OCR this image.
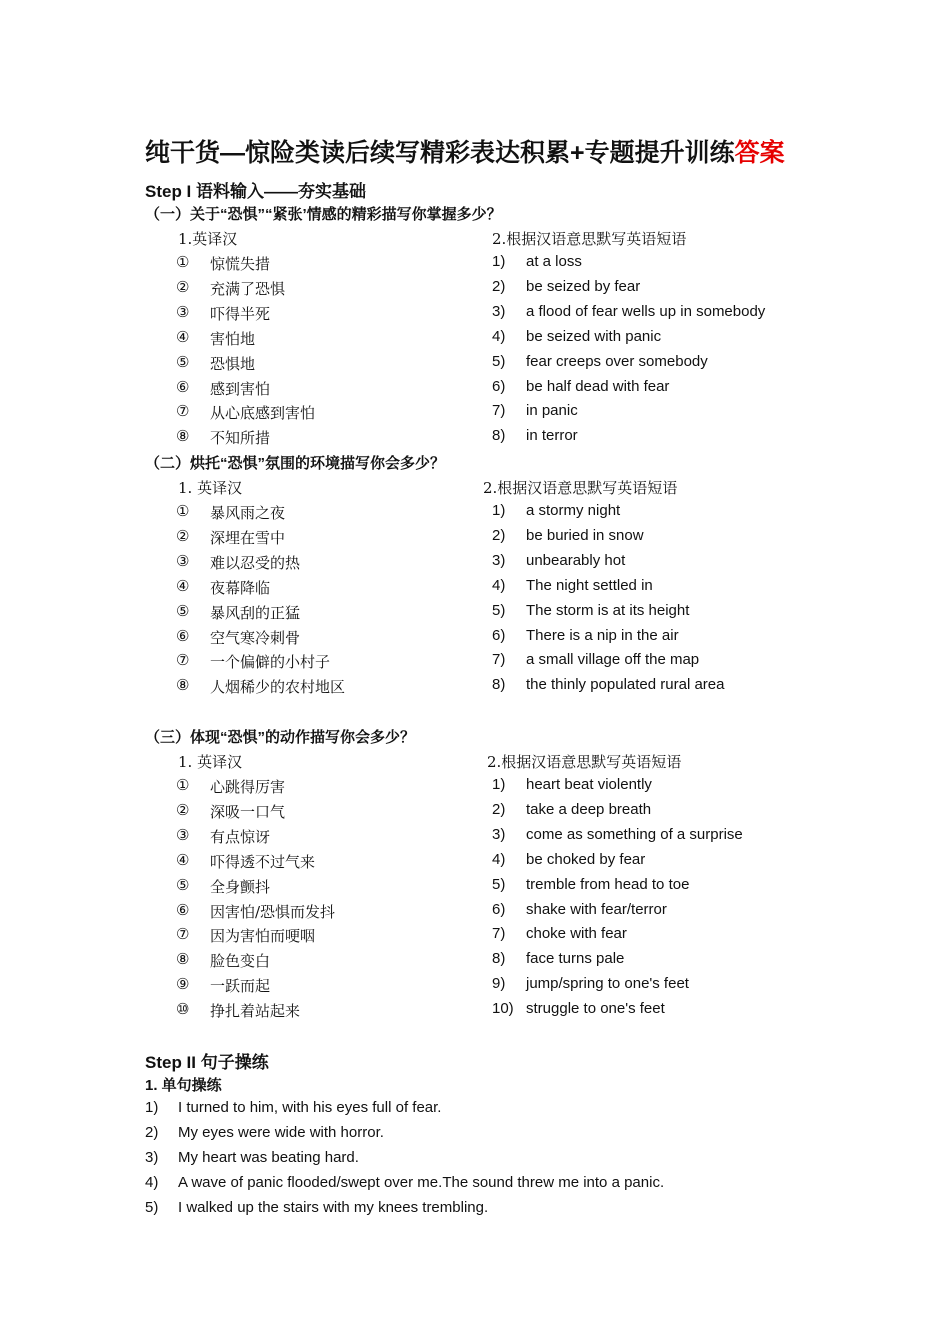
纯干货—惊险类读后续写精彩表达积累+专题提升训练答案
Step I 语料输入——夯实基础
（一）关于“恐惧”“紧张’情感的精彩描写你掌握多少？
1.英译汉	2.根据汉语意思默写英语短语
① 惊慌失措
② 充满了恐惧
③ 吓得半死
④ 害怕地
⑤ 恐惧地
⑥ 感到害怕
⑦ 从心底感到害怕
⑧ 不知所措
1) at a loss
2) be seized by fear
3) a flood of fear wells up in somebody
4) be seized with panic
5) fear creeps over somebody
6) be half dead with fear
7) in panic
8) in terror
（二）烘托“恐惧”氛围的环境描写你会多少？
1. 英译汉	2.根据汉语意思默写英语短语
① 暴风雨之夜
② 深埋在雪中
③ 难以忍受的热
④ 夜幕降临
⑤ 暴风刮的正猛
⑥ 空气寒冷刺骨
⑦ 一个偏僻的小村子
⑧ 人烟稀少的农村地区
1) a stormy night
2) be buried in snow
3) unbearably hot
4) The night settled in
5) The storm is at its height
6) There is a nip in the air
7) a small village off the map
8) the thinly populated rural area
（三）体现“恐惧”的动作描写你会多少？
1. 英译汉	2.根据汉语意思默写英语短语
① 心跳得厉害
② 深吸一口气
③ 有点惊讶
④ 吓得透不过气来
⑤ 全身颤抖
⑥ 因害怕/恐惧而发抖
⑦ 因为害怕而哽咽
⑧ 脸色变白
⑨ 一跃而起
⑩ 挣扎着站起来
1) heart beat violently
2) take a deep breath
3) come as something of a surprise
4) be choked by fear
5) tremble from head to toe
6) shake with fear/terror
7) choke with fear
8) face turns pale
9) jump/spring to one's feet
10) struggle to one's feet
Step II 句子操练
1. 单句操练
1) I turned to him, with his eyes full of fear.
2) My eyes were wide with horror.
3) My heart was beating hard.
4) A wave of panic flooded/swept over me.The sound threw me into a panic.
5) I walked up the stairs with my knees trembling.
